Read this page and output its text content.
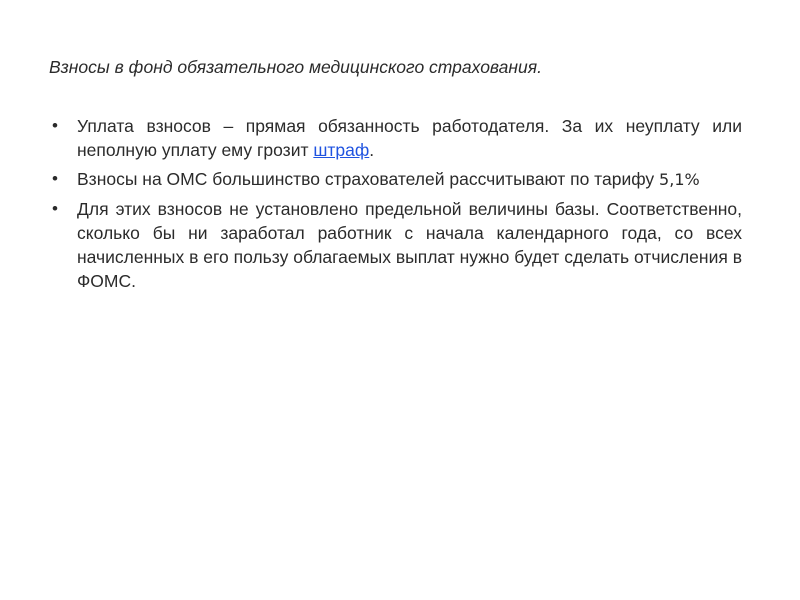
Взносы в фонд обязательного медицинского страхования.
•	Уплата взносов – прямая обязанность работодателя. За их неуплату или неполную уплату ему грозит штраф.
•	Взносы на ОМС большинство страхователей рассчитывают по тарифу 5,1%
•	Для этих взносов не установлено предельной величины базы. Соответственно, сколько бы ни заработал работник с начала календарного года, со всех начисленных в его пользу облагаемых выплат нужно будет сделать отчисления в ФОМС.
